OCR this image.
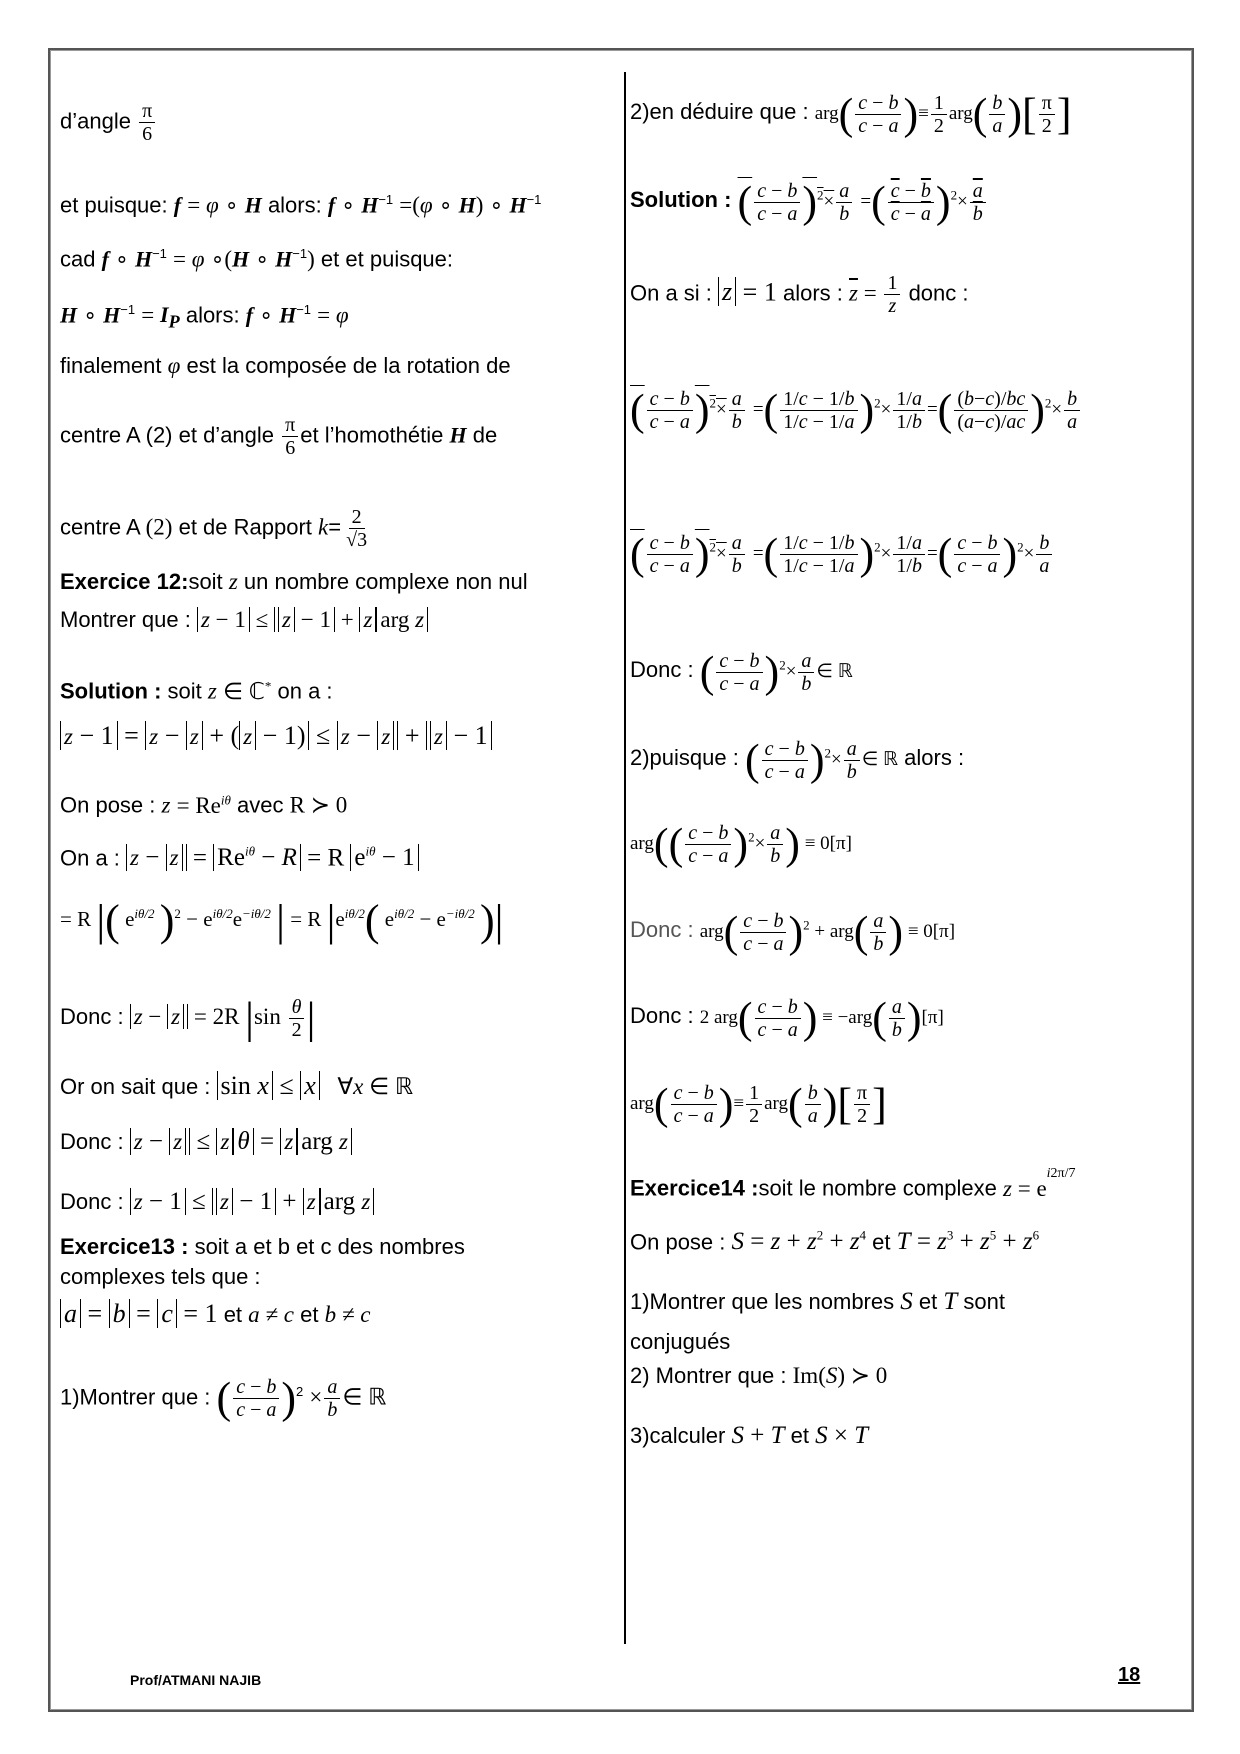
d’angle $\frac{\pi}{6}$
et puisque: f = φ ∘ H alors: f ∘ $H^{-1} =(\varphi$ ∘ H) ∘ $H^{-1}$
cad f ∘ $H^{-1} = \varphi$ ∘(H ∘ $H^{-1}$) et et puisque:
H ∘ $H^{-1} = I_P$ alors: f ∘ $H^{-1} = \varphi$
finalement φ est la composée de la rotation de
centre A (2) et d’angle $\frac{\pi}{6}$ et l’homothétie H de
centre A (2) et de Rapport $k= \frac{2}{√3}$
Exercice 12:soit z un nombre complexe non nul
Montrer que : z − 1 ≤ z − 1 + z arg z
Solution : soit z ∈ ℂ* on a :
z − 1 = z − z + ( z − 1) ≤ z − z + z − 1
On pose : $z = Re^{i\theta}$ avec R ≻ 0
On a : $z - z = Re^{i\theta} - R = R$ $e^{i\theta} - 1$
= R |( $e^{i\theta/2}$ )$^2 - e^{i\theta/2}e^{-i\theta/2}$ | = R $|e^{i\theta/2}$( $e^{i\theta/2} - e^{-i\theta/2}$ )|
Donc : z − z = 2R $|\sin \frac{\theta}{2}$ |
Or on sait que : sin x ≤ x   ∀x ∈ ℝ
Donc : z − z ≤ z θ = z arg z
Donc : z − 1 ≤ z − 1 + z arg z
Exercice13 : soit a et b et c des nombres
complexes tels que :
a = b = c = 1 et a ≠ c et b ≠ c
1)Montrer que : ( $\frac{c - b}{c - a} )^2 \times \frac{a}{b}$ ∈ ℝ
2)en déduire que : $arg( \frac{c - b}{c - a}$ )≡ $\frac{1}{2} arg( \frac{b}{a}$ )[ $\frac{\pi}{2}$ ]
Solution : ( $\frac{c - b}{c - a} )^2\times \frac{a}{b}$ =( $\frac{\overline{c} - \overline{b}}{\overline{c} - \overline{a}} )^2\times \frac{\overline{a}}{b}$
On a si : z = 1 alors : $\overline{z} = \frac{1}{z}$ donc :
( $\frac{c - b}{c - a} )^2\times \frac{a}{b}$ =( $\frac{1/c - 1/b}{1/c - 1/a} )^2\times \frac{1/a}{1/b}$ =( $\frac{(b-c)/bc}{(a-c)/ac} )^2\times \frac{b}{a}$
( $\frac{c - b}{c - a} )^2\times \frac{a}{b}$ =( $\frac{1/c - 1/b}{1/c - 1/a} )^2\times \frac{1/a}{1/b}$ =( $\frac{c - b}{c - a} )^2\times \frac{b}{a}$
Donc : ( $\frac{c - b}{c - a} )^2\times \frac{a}{b}$ ∈ ℝ
2)puisque : ( $\frac{c - b}{c - a} )^2\times \frac{a}{b}$ ∈ ℝ alors :
$arg(( \frac{c - b}{c - a} )^2\times \frac{a}{b}$ ) ≡ 0[π]
Donc : $arg( \frac{c - b}{c - a} )^2 + arg( \frac{a}{b}$ ) ≡ 0[π]
Donc : 2 $arg( \frac{c - b}{c - a}$ ) ≡ $-arg( \frac{a}{b} )[\pi]$
$arg( \frac{c - b}{c - a}$ )≡ $\frac{1}{2} arg( \frac{b}{a}$ )[ $\frac{\pi}{2}$ ]
Exercice14 :soit le nombre complexe $z = e^{i2\pi/7}$
On pose : $S = z + z^2 + z^4$ et $T = z^3 + z^5 + z^6$
1)Montrer que les nombres S et T sont
conjugués
2) Montrer que : Im(S) ≻ 0
3)calculer S + T et S × T
Prof/ATMANI NAJIB	18
